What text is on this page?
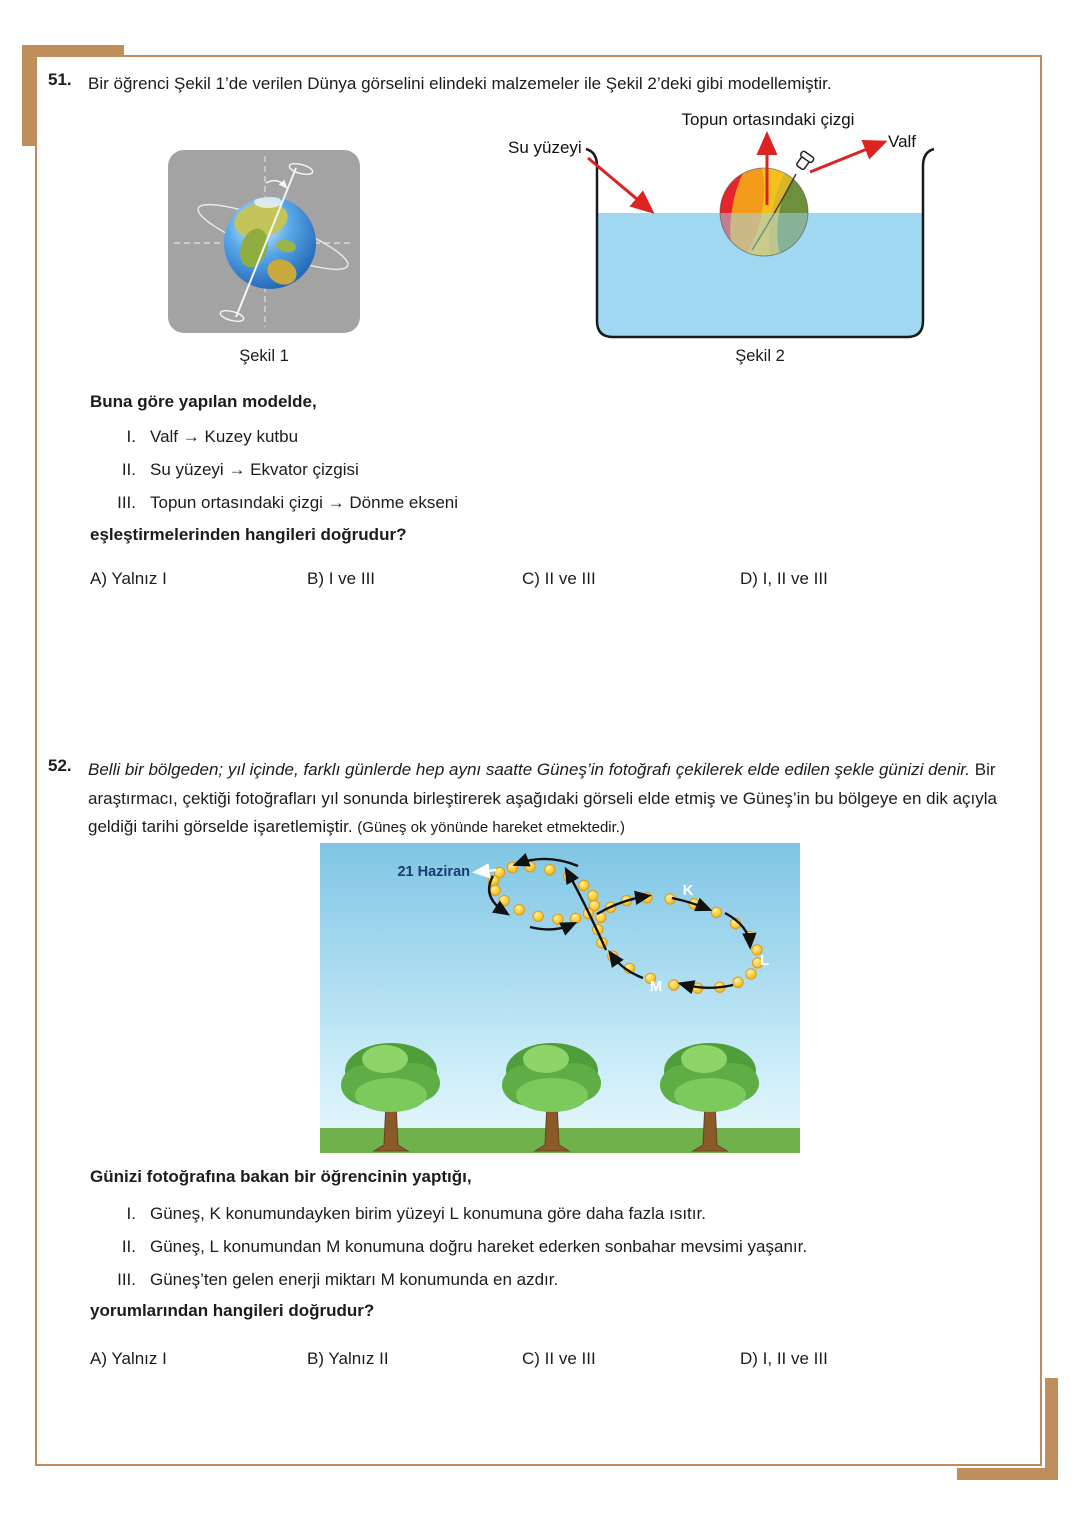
51. Bir öğrenci Şekil 1’de verilen Dünya görselini elindeki malzemeler ile Şekil 2’deki gibi modellemiştir.

Şekil 1
Su yüzeyi
Topun ortasındaki çizgi
Valf
Şekil 2
Buna göre yapılan modelde,
I. Valf → Kuzey kutbu
II. Su yüzeyi → Ekvator çizgisi
III. Topun ortasındaki çizgi → Dönme ekseni
eşleştirmelerinden hangileri doğrudur?
A) Yalnız I	B) I ve III	C) II ve III	D) I, II ve III
52. Belli bir bölgeden; yıl içinde, farklı günlerde hep aynı saatte Güneş’in fotoğrafı çekilerek elde edilen şekle günizi denir. Bir araştırmacı, çektiği fotoğrafları yıl sonunda birleştirerek aşağıdaki görseli elde etmiş ve Güneş’in bu bölgeye en dik açıyla geldiği tarihi görselde işaretlemiştir. (Güneş ok yönünde hareket etmektedir.)

21 Haziran
K
L
M
Günizi fotoğrafına bakan bir öğrencinin yaptığı,
I. Güneş, K konumundayken birim yüzeyi L konumuna göre daha fazla ısıtır.
II. Güneş, L konumundan M konumuna doğru hareket ederken sonbahar mevsimi yaşanır.
III. Güneş’ten gelen enerji miktarı M konumunda en azdır.
yorumlarından hangileri doğrudur?
A) Yalnız I	B) Yalnız II	C) II ve III	D) I, II ve III
